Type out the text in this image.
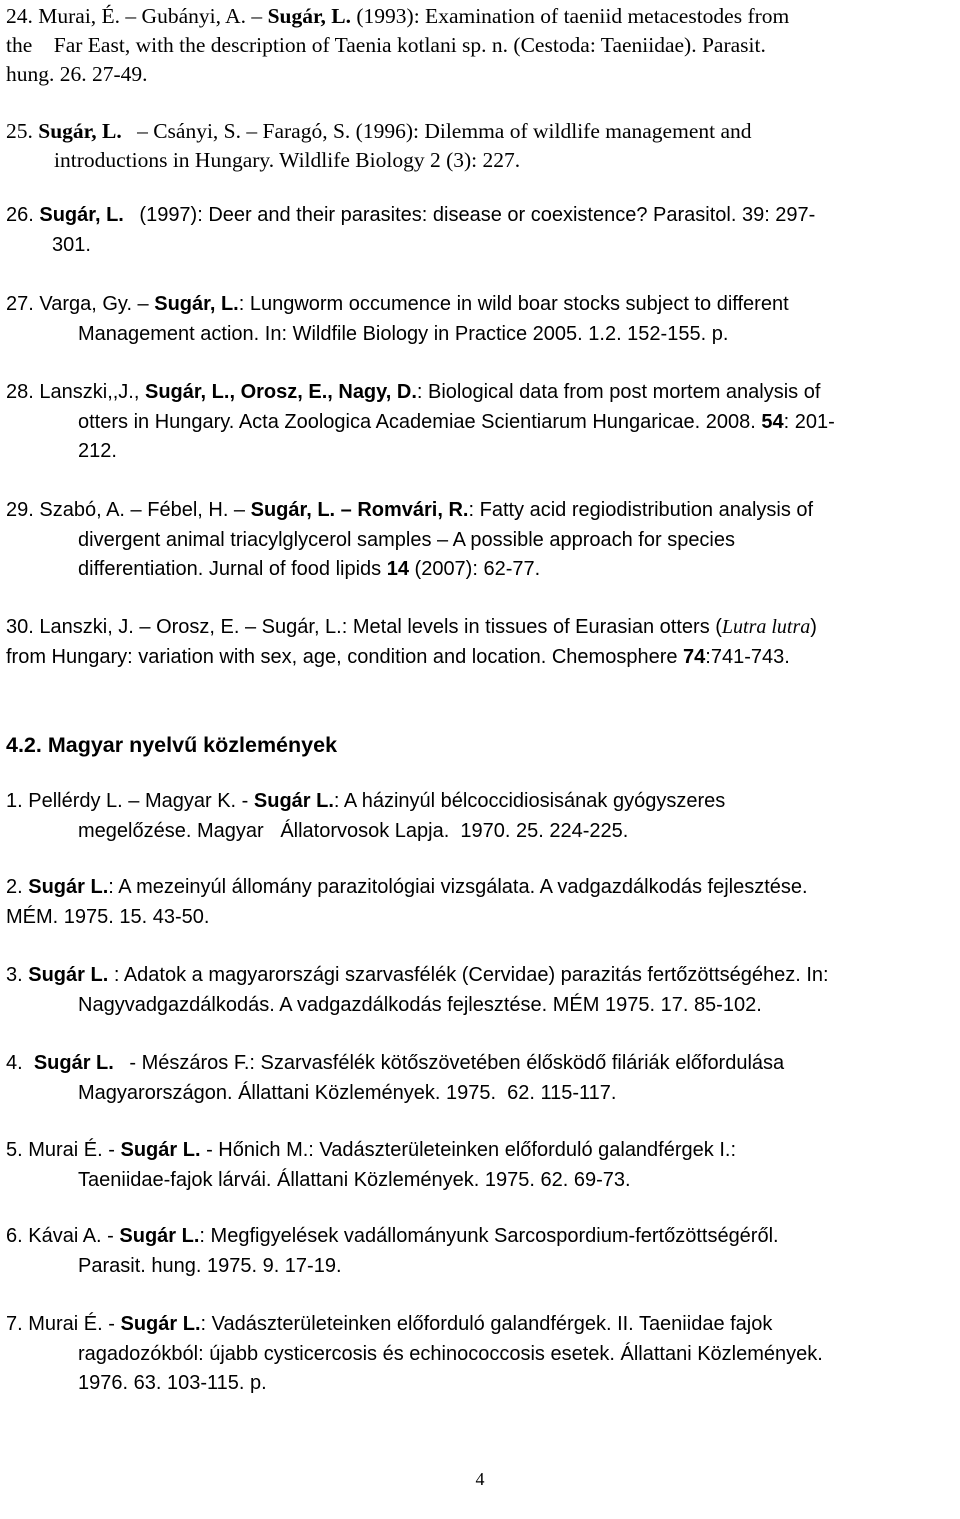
24. Murai, É. – Gubányi, A. – Sugár, L. (1993): Examination of taeniid metacestodes from
the    Far East, with the description of Taenia kotlani sp. n. (Cestoda: Taeniidae). Parasit.
hung. 26. 27-49.
25. Sugár, L. – Csányi, S. – Faragó, S. (1996): Dilemma of wildlife management and
introductions in Hungary. Wildlife Biology 2 (3): 227.
26. Sugár, L. (1997): Deer and their parasites: disease or coexistence? Parasitol. 39: 297-
301.
27. Varga, Gy. – Sugár, L.: Lungworm occumence in wild boar stocks subject to different
Management action. In: Wildfile Biology in Practice 2005. 1.2. 152-155. p.
28. Lanszki,,J., Sugár, L., Orosz, E., Nagy, D.: Biological data from post mortem analysis of
otters in Hungary. Acta Zoologica Academiae Scientiarum Hungaricae. 2008. 54: 201-
212.
29. Szabó, A. – Fébel, H. – Sugár, L. – Romvári, R.: Fatty acid regiodistribution analysis of
divergent animal triacylglycerol samples – A possible approach for species
differentiation. Jurnal of food lipids 14 (2007): 62-77.
30. Lanszki, J. – Orosz, E. – Sugár, L.: Metal levels in tissues of Eurasian otters (Lutra lutra)
from Hungary: variation with sex, age, condition and location. Chemosphere 74:741-743.

4.2. Magyar nyelvű közlemények

1. Pellérdy L. – Magyar K. - Sugár L.: A házinyúl bélcoccidiosisának gyógyszeres
megelőzése. Magyar   Állatorvosok Lapja.  1970. 25. 224-225.
2. Sugár L.: A mezeinyúl állomány parazitológiai vizsgálata. A vadgazdálkodás fejlesztése.
MÉM. 1975. 15. 43-50.
3. Sugár L. : Adatok a magyarországi szarvasfélék (Cervidae) parazitás fertőzöttségéhez. In:
Nagyvadgazdálkodás. A vadgazdálkodás fejlesztése. MÉM 1975. 17. 85-102.
4. Sugár L. - Mészáros F.: Szarvasfélék kötőszövetében élősködő filáriák előfordulása
Magyarországon. Állattani Közlemények. 1975.  62. 115-117.
5. Murai É. - Sugár L. - Hőnich M.: Vadászterületeinken előforduló galandférgek I.:
Taeniidae-fajok lárvái. Állattani Közlemények. 1975. 62. 69-73.
6. Kávai A. - Sugár L.: Megfigyelések vadállományunk Sarcospordium-fertőzöttségéről.
Parasit. hung. 1975. 9. 17-19.
7. Murai É. - Sugár L.: Vadászterületeinken előforduló galandférgek. II. Taeniidae fajok
ragadozókból: újabb cysticercosis és echinococcosis esetek. Állattani Közlemények.
1976. 63. 103-115. p.
4
